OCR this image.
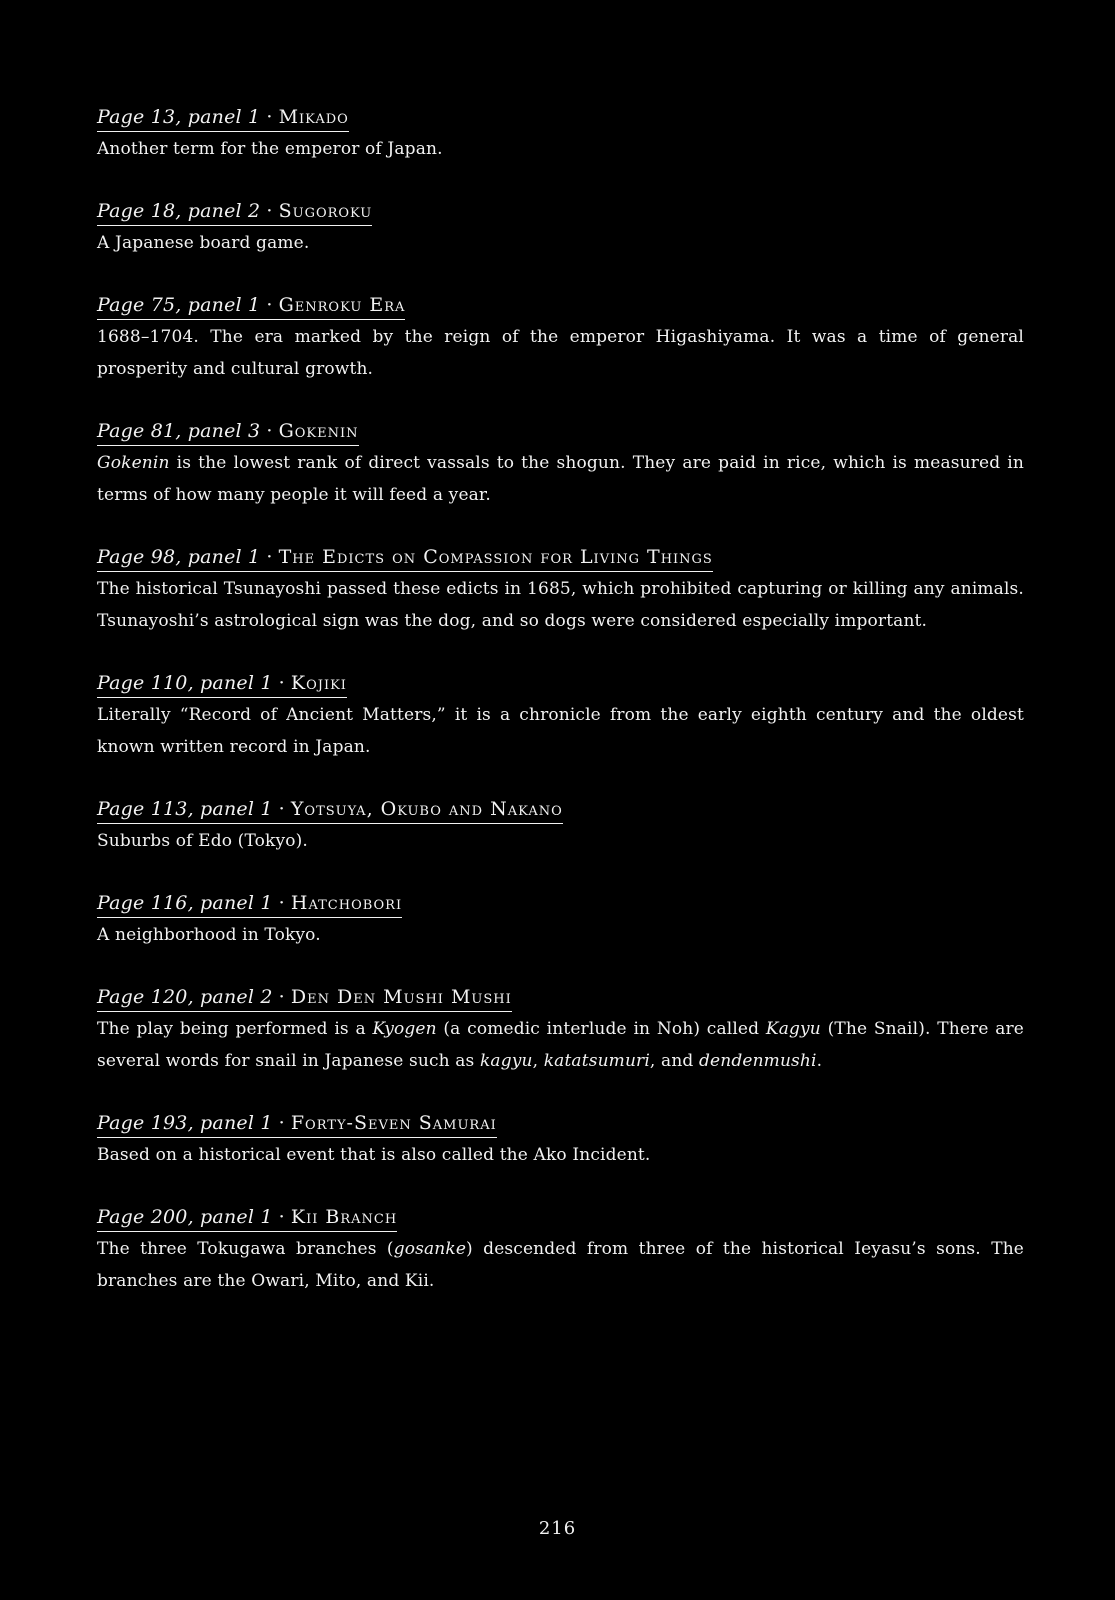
Page 13, panel 1 · Mikado
Another term for the emperor of Japan.
Page 18, panel 2 · Sugoroku
A Japanese board game.
Page 75, panel 1 · Genroku Era
1688–1704. The era marked by the reign of the emperor Higashiyama. It was a time of general prosperity and cultural growth.
Page 81, panel 3 · Gokenin
Gokenin is the lowest rank of direct vassals to the shogun. They are paid in rice, which is measured in terms of how many people it will feed a year.
Page 98, panel 1 · The Edicts on Compassion for Living Things
The historical Tsunayoshi passed these edicts in 1685, which prohibited capturing or killing any animals. Tsunayoshi’s astrological sign was the dog, and so dogs were considered especially important.
Page 110, panel 1 · Kojiki
Literally “Record of Ancient Matters,” it is a chronicle from the early eighth century and the oldest known written record in Japan.
Page 113, panel 1 · Yotsuya, Okubo and Nakano
Suburbs of Edo (Tokyo).
Page 116, panel 1 · Hatchobori
A neighborhood in Tokyo.
Page 120, panel 2 · Den Den Mushi Mushi
The play being performed is a Kyogen (a comedic interlude in Noh) called Kagyu (The Snail). There are several words for snail in Japanese such as kagyu, katatsumuri, and dendenmushi.
Page 193, panel 1 · Forty-Seven Samurai
Based on a historical event that is also called the Ako Incident.
Page 200, panel 1 · Kii Branch
The three Tokugawa branches (gosanke) descended from three of the historical Ieyasu’s sons. The branches are the Owari, Mito, and Kii.
216
